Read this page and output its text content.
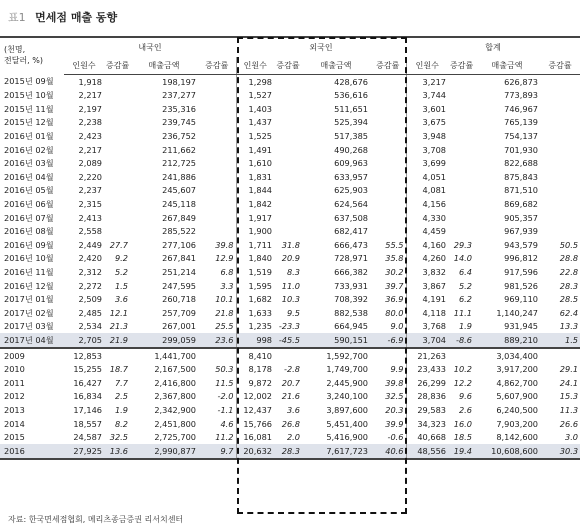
표1 면세점 매출 동향
(천명,
전달러, %)	내국인				외국인				합계			
	인원수	증감률	매출금액	증감률	인원수	증감률	매출금액	증감률	인원수	증감률	매출금액	증감률
2015년 09월	1,918		198,197		1,298		428,676		3,217		626,873	
2015년 10월	2,217		237,277		1,527		536,616		3,744		773,893	
2015년 11월	2,197		235,316		1,403		511,651		3,601		746,967	
2015년 12월	2,238		239,745		1,437		525,394		3,675		765,139	
2016년 01월	2,423		236,752		1,525		517,385		3,948		754,137	
2016년 02월	2,217		211,662		1,491		490,268		3,708		701,930	
2016년 03월	2,089		212,725		1,610		609,963		3,699		822,688	
2016년 04월	2,220		241,886		1,831		633,957		4,051		875,843	
2016년 05월	2,237		245,607		1,844		625,903		4,081		871,510	
2016년 06월	2,315		245,118		1,842		624,564		4,156		869,682	
2016년 07월	2,413		267,849		1,917		637,508		4,330		905,357	
2016년 08월	2,558		285,522		1,900		682,417		4,459		967,939	
2016년 09월	2,449	27.7	277,106	39.8	1,711	31.8	666,473	55.5	4,160	29.3	943,579	50.5
2016년 10월	2,420	9.2	267,841	12.9	1,840	20.9	728,971	35.8	4,260	14.0	996,812	28.8
2016년 11월	2,312	5.2	251,214	6.8	1,519	8.3	666,382	30.2	3,832	6.4	917,596	22.8
2016년 12월	2,272	1.5	247,595	3.3	1,595	11.0	733,931	39.7	3,867	5.2	981,526	28.3
2017년 01월	2,509	3.6	260,718	10.1	1,682	10.3	708,392	36.9	4,191	6.2	969,110	28.5
2017년 02월	2,485	12.1	257,709	21.8	1,633	9.5	882,538	80.0	4,118	11.1	1,140,247	62.4
2017년 03월	2,534	21.3	267,001	25.5	1,235	-23.3	664,945	9.0	3,768	1.9	931,945	13.3
2017년 04월	2,705	21.9	299,059	23.6	998	-45.5	590,151	-6.9	3,704	-8.6	889,210	1.5
2009	12,853		1,441,700		8,410		1,592,700		21,263		3,034,400	
2010	15,255	18.7	2,167,500	50.3	8,178	-2.8	1,749,700	9.9	23,433	10.2	3,917,200	29.1
2011	16,427	7.7	2,416,800	11.5	9,872	20.7	2,445,900	39.8	26,299	12.2	4,862,700	24.1
2012	16,834	2.5	2,367,800	-2.0	12,002	21.6	3,240,100	32.5	28,836	9.6	5,607,900	15.3
2013	17,146	1.9	2,342,900	-1.1	12,437	3.6	3,897,600	20.3	29,583	2.6	6,240,500	11.3
2014	18,557	8.2	2,451,800	4.6	15,766	26.8	5,451,400	39.9	34,323	16.0	7,903,200	26.6
2015	24,587	32.5	2,725,700	11.2	16,081	2.0	5,416,900	-0.6	40,668	18.5	8,142,600	3.0
2016	27,925	13.6	2,990,877	9.7	20,632	28.3	7,617,723	40.6	48,556	19.4	10,608,600	30.3
자료: 한국면세점협회, 메리츠종금증권 리서치센터
